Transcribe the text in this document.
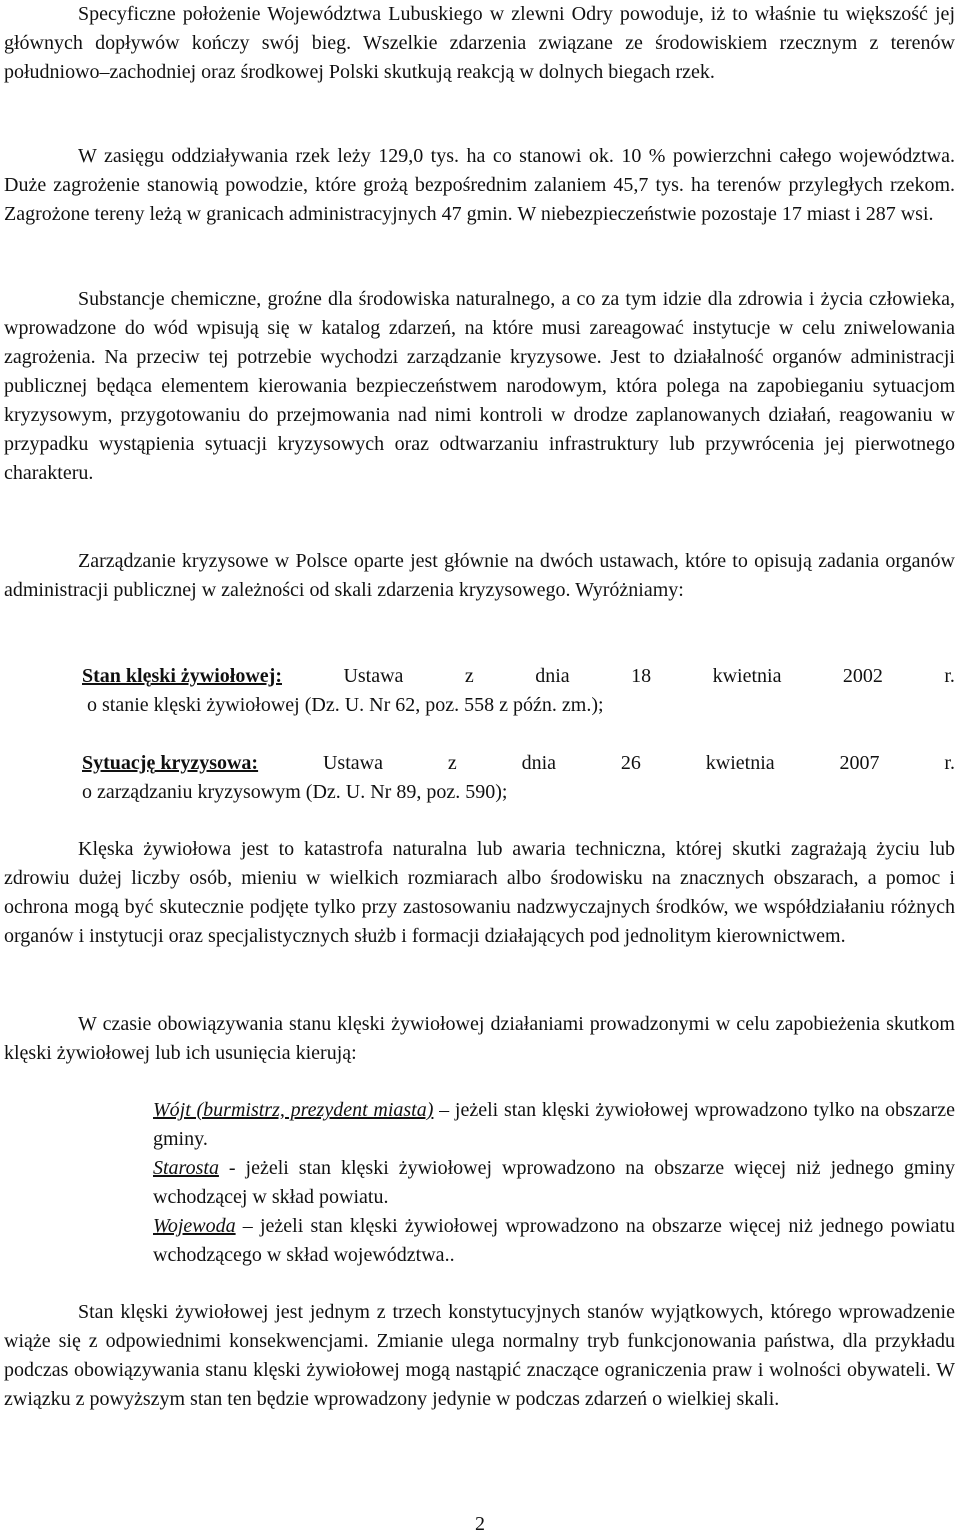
Specyficzne położenie Województwa Lubuskiego w zlewni Odry powoduje, iż to właśnie tu większość jej głównych dopływów kończy swój bieg. Wszelkie zdarzenia związane ze środowiskiem rzecznym z terenów południowo–zachodniej oraz środkowej Polski skutkują reakcją w dolnych biegach rzek.
W zasięgu oddziaływania rzek leży 129,0 tys. ha co stanowi ok. 10 % powierzchni całego województwa. Duże zagrożenie stanowią powodzie, które grożą bezpośrednim zalaniem 45,7 tys. ha terenów przyległych rzekom. Zagrożone tereny leżą w granicach administracyjnych 47 gmin. W niebezpieczeństwie pozostaje 17 miast i 287 wsi.
Substancje chemiczne, groźne dla środowiska naturalnego, a co za tym idzie dla zdrowia i życia człowieka, wprowadzone do wód wpisują się w katalog zdarzeń, na które musi zareagować instytucje w celu zniwelowania zagrożenia. Na przeciw tej potrzebie wychodzi zarządzanie kryzysowe. Jest to działalność organów administracji publicznej będąca elementem kierowania bezpieczeństwem narodowym, która polega na zapobieganiu sytuacjom kryzysowym, przygotowaniu do przejmowania nad nimi kontroli w drodze zaplanowanych działań, reagowaniu w przypadku wystąpienia sytuacji kryzysowych oraz odtwarzaniu infrastruktury lub przywrócenia jej pierwotnego charakteru.
Zarządzanie kryzysowe w Polsce oparte jest głównie na dwóch ustawach, które to opisują zadania organów administracji publicznej w zależności od skali zdarzenia kryzysowego. Wyróżniamy:
Stan klęski żywiołowej:	Ustawa	z	dnia	18	kwietnia	2002	r.
o stanie klęski żywiołowej (Dz. U. Nr 62, poz. 558 z późn. zm.);
Sytuację kryzysowa:	Ustawa	z	dnia	26	kwietnia	2007	r.
o zarządzaniu kryzysowym (Dz. U. Nr 89, poz. 590);
Klęska żywiołowa jest to katastrofa naturalna lub awaria techniczna, której skutki zagrażają życiu lub zdrowiu dużej liczby osób, mieniu w wielkich rozmiarach albo środowisku na znacznych obszarach, a pomoc i ochrona mogą być skutecznie podjęte tylko przy zastosowaniu nadzwyczajnych środków, we współdziałaniu różnych organów i instytucji oraz specjalistycznych służb i formacji działających pod jednolitym kierownictwem.
W czasie obowiązywania stanu klęski żywiołowej działaniami prowadzonymi w celu zapobieżenia skutkom klęski żywiołowej lub ich usunięcia kierują:
Wójt (burmistrz, prezydent miasta) – jeżeli stan klęski żywiołowej wprowadzono tylko na obszarze gminy.
Starosta - jeżeli stan klęski żywiołowej wprowadzono na obszarze więcej niż jednego gminy wchodzącej w skład powiatu.
Wojewoda – jeżeli stan klęski żywiołowej wprowadzono na obszarze więcej niż jednego powiatu wchodzącego w skład województwa..
Stan klęski żywiołowej jest jednym z trzech konstytucyjnych stanów wyjątkowych, którego wprowadzenie wiąże się z odpowiednimi konsekwencjami. Zmianie ulega normalny tryb funkcjonowania państwa, dla przykładu podczas obowiązywania stanu klęski żywiołowej mogą nastąpić znaczące ograniczenia praw i wolności obywateli. W związku z powyższym stan ten będzie wprowadzony jedynie w podczas zdarzeń o wielkiej skali.
2
